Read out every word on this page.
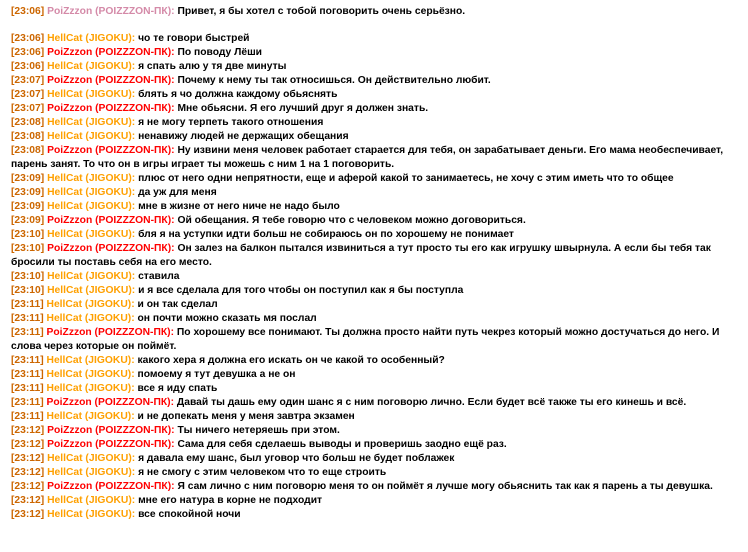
[23:06] PoiZzzon (POIZZZON-ПК): Привет, я бы хотел с тобой поговорить очень серьёзно.
[23:06] HellCat (JIGOKU): чо те говори быстрей
[23:06] PoiZzzon (POIZZZON-ПК): По поводу Лёши
[23:06] HellCat (JIGOKU): я спать алю у тя две минуты
[23:07] PoiZzzon (POIZZZON-ПК): Почему к нему ты так относишься. Он действительно любит.
[23:07] HellCat (JIGOKU): блять я чо должна каждому обьяснять
[23:07] PoiZzzon (POIZZZON-ПК): Мне обьясни. Я его лучший друг я должен знать.
[23:08] HellCat (JIGOKU): я не могу терпеть такого отношения
[23:08] HellCat (JIGOKU): ненавижу людей не держащих обещания
[23:08] PoiZzzon (POIZZZON-ПК): Ну извини меня человек работает старается для тебя, он зарабатывает деньги. Его мама необеспечивает, парень занят. То что он в игры играет ты можешь с ним 1 на 1 поговорить.
[23:09] HellCat (JIGOKU): плюс от него одни непрятности, еще и аферой какой то занимаетесь, не хочу с этим иметь что то общее
[23:09] HellCat (JIGOKU): да уж для меня
[23:09] HellCat (JIGOKU): мне в жизне от него ниче не надо было
[23:09] PoiZzzon (POIZZZON-ПК): Ой обещания. Я тебе говорю что с человеком можно договориться.
[23:10] HellCat (JIGOKU): бля я на уступки идти больш не собираюсь он по хорошему не понимает
[23:10] PoiZzzon (POIZZZON-ПК): Он залез на балкон пытался извиниться а тут просто ты его как игрушку швырнула. А если бы тебя так бросили ты поставь себя на его место.
[23:10] HellCat (JIGOKU): ставила
[23:10] HellCat (JIGOKU): и я все сделала для того чтобы он поступил как я бы поступла
[23:11] HellCat (JIGOKU): и он так сделал
[23:11] HellCat (JIGOKU): он почти можно сказать мя послал
[23:11] PoiZzzon (POIZZZON-ПК): По хорошему все понимают. Ты должна просто найти путь чекрез который можно достучаться до него. И слова через которые он поймёт.
[23:11] HellCat (JIGOKU): какого хера я должна его искать он че какой то особенный?
[23:11] HellCat (JIGOKU): помоему я тут девушка а не он
[23:11] HellCat (JIGOKU): все я иду спать
[23:11] PoiZzzon (POIZZZON-ПК): Давай ты дашь ему один шанс я с ним поговорю лично. Если будет всё также ты его кинешь и всё.
[23:11] HellCat (JIGOKU): и не допекать меня у меня завтра экзамен
[23:12] PoiZzzon (POIZZZON-ПК): Ты ничего нетеряешь при этом.
[23:12] PoiZzzon (POIZZZON-ПК): Сама для себя сделаешь выводы и проверишь заодно ещё раз.
[23:12] HellCat (JIGOKU): я давала ему шанс, был уговор что больш не будет поблажек
[23:12] HellCat (JIGOKU): я не смогу с этим человеком что то еще строить
[23:12] PoiZzzon (POIZZZON-ПК): Я сам лично с ним поговорю меня то он поймёт я лучше могу обьяснить так как я парень а ты девушка.
[23:12] HellCat (JIGOKU): мне его натура в корне не подходит
[23:12] HellCat (JIGOKU): все спокойной ночи
